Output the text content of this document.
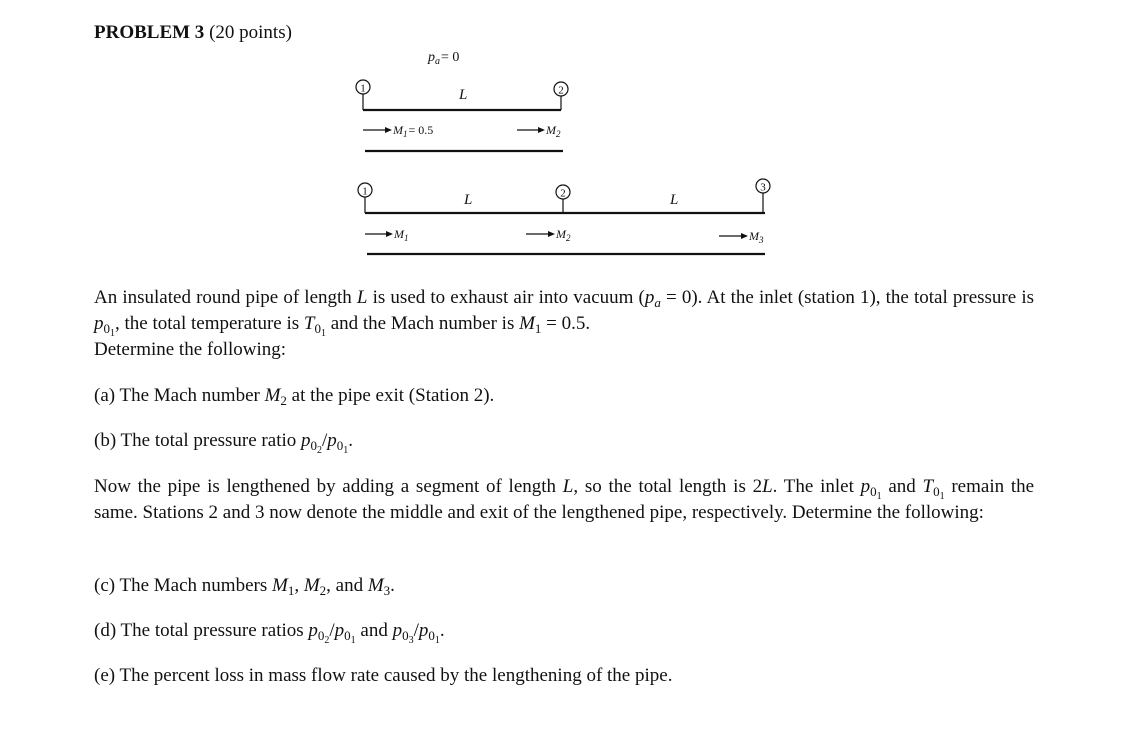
PROBLEM 3 (20 points)
$p_a= 0$
1	2
L
$M_1= 0.5$	$M_2$
1	2	3
L	L
$M_1$	$M_2$	$M_3$
An insulated round pipe of length L is used to exhaust air into vacuum $(p_a = 0)$. At the inlet (station 1), the total pressure is $p_{0_1}$, the total temperature is $T_{0_1}$ and the Mach number is $M_1 = 0.5$.
Determine the following:
(a) The Mach number $M_2$ at the pipe exit (Station 2).
(b) The total pressure ratio $p_{0_2}/p_{0_1}$.
Now the pipe is lengthened by adding a segment of length L, so the total length is 2L. The inlet $p_{0_1}$ and $T_{0_1}$ remain the same. Stations 2 and 3 now denote the middle and exit of the lengthened pipe, respectively. Determine the following:
(c) The Mach numbers $M_1$, $M_2$, and $M_3$.
(d) The total pressure ratios $p_{0_2}/p_{0_1}$ and $p_{0_3}/p_{0_1}$.
(e) The percent loss in mass flow rate caused by the lengthening of the pipe.
